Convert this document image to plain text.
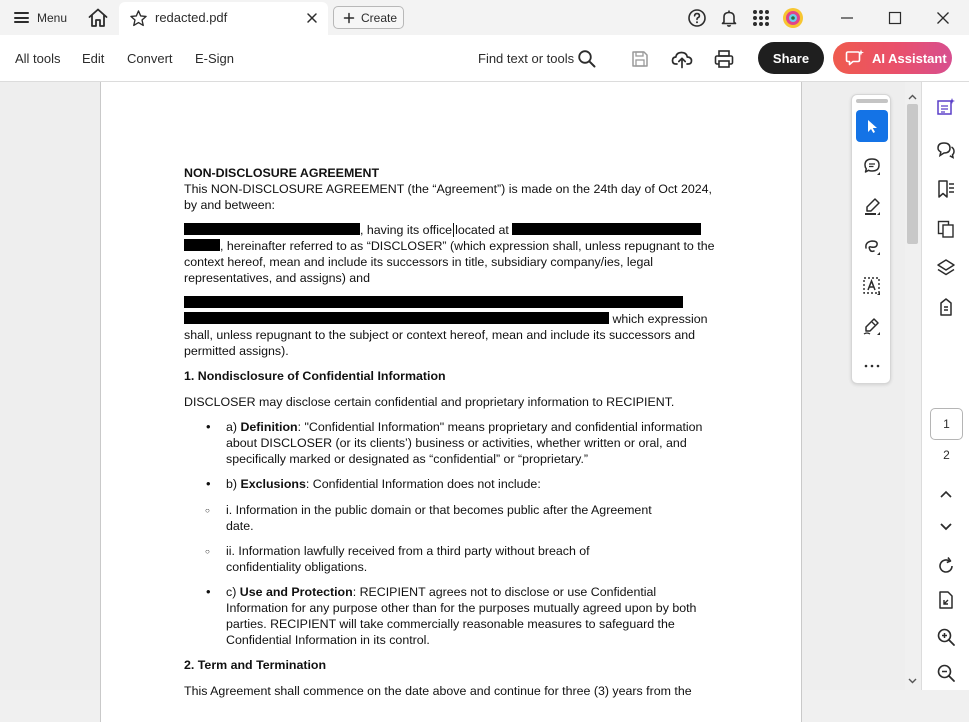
Menu	redacted.pdf	Create
All tools Edit Convert E-Sign	Find text or tools	Share	AI Assistant

NON-DISCLOSURE AGREEMENT

This NON-DISCLOSURE AGREEMENT (the “Agreement”) is made on the 24th day of Oct 2024, by and between:

, having its office located at
, hereinafter referred to as “DISCLOSER” (which expression shall, unless repugnant to the context hereof, mean and include its successors in title, subsidiary company/ies, legal representatives, and assigns) and

which expression shall, unless repugnant to the subject or context hereof, mean and include its successors and permitted assigns).

1. Nondisclosure of Confidential Information

DISCLOSER may disclose certain confidential and proprietary information to RECIPIENT.

• a) Definition: "Confidential Information" means proprietary and confidential information about DISCLOSER (or its clients’) business or activities, whether written or oral, and specifically marked or designated as “confidential” or “proprietary.”

• b) Exclusions: Confidential Information does not include:

○ i. Information in the public domain or that becomes public after the Agreement date.

○ ii. Information lawfully received from a third party without breach of confidentiality obligations.

• c) Use and Protection: RECIPIENT agrees not to disclose or use Confidential Information for any purpose other than for the purposes mutually agreed upon by both parties. RECIPIENT will take commercially reasonable measures to safeguard the Confidential Information in its control.

2. Term and Termination

This Agreement shall commence on the date above and continue for three (3) years from the

1
2
